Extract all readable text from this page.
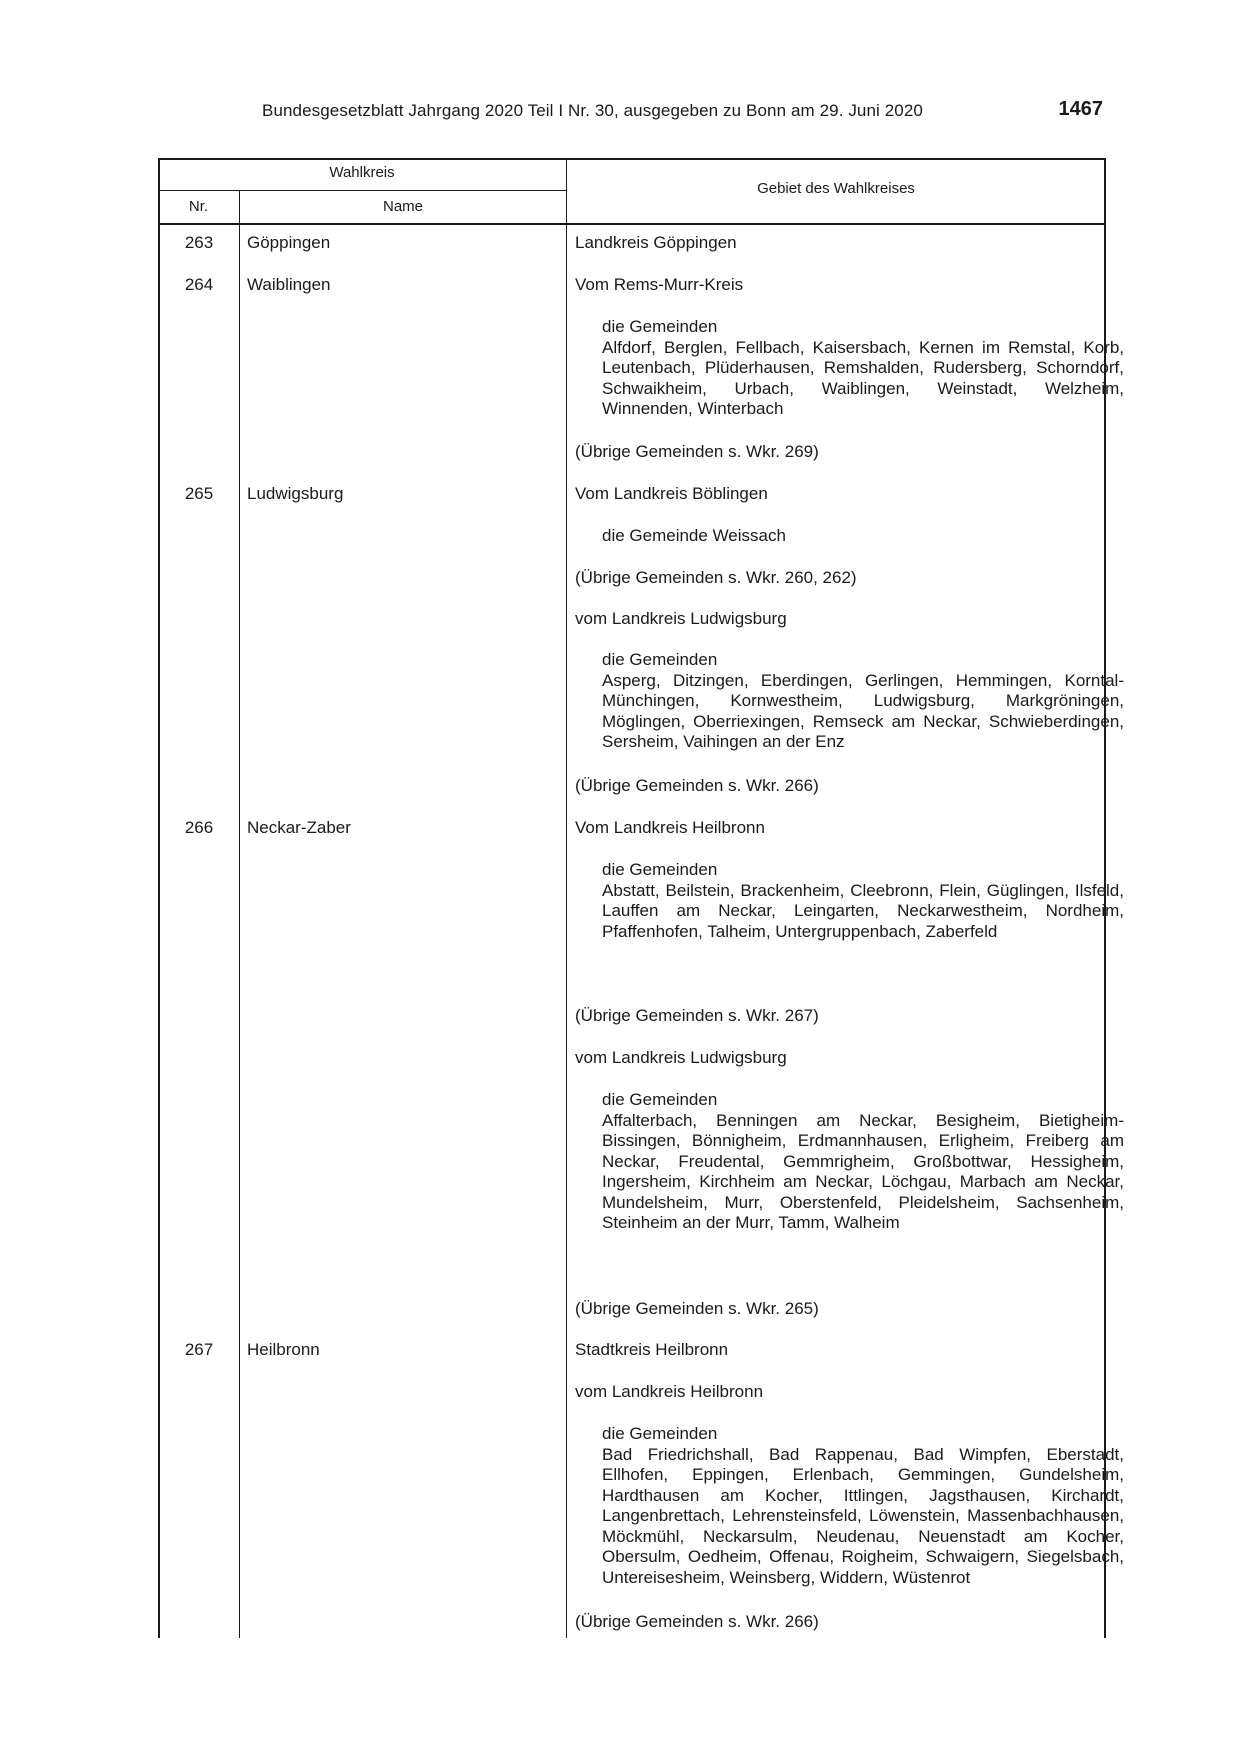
Bundesgesetzblatt Jahrgang 2020 Teil I Nr. 30, ausgegeben zu Bonn am 29. Juni 2020	1467
Wahlkreis
Nr.	Name
Gebiet des Wahlkreises
263	Göppingen	Landkreis Göppingen
264	Waiblingen	Vom Rems-Murr-Kreis
die Gemeinden
Alfdorf, Berglen, Fellbach, Kaisersbach, Kernen im Remstal, Korb, Leutenbach, Plüderhausen, Remshalden, Rudersberg, Schorndorf, Schwaikheim, Urbach, Waiblingen, Weinstadt, Welzheim, Winnenden, Winterbach
(Übrige Gemeinden s. Wkr. 269)
265	Ludwigsburg	Vom Landkreis Böblingen
die Gemeinde Weissach
(Übrige Gemeinden s. Wkr. 260, 262)
vom Landkreis Ludwigsburg
die Gemeinden
Asperg, Ditzingen, Eberdingen, Gerlingen, Hemmingen, Korntal-Münchingen, Kornwestheim, Ludwigsburg, Markgröningen, Möglingen, Oberriexingen, Remseck am Neckar, Schwieberdingen, Sersheim, Vaihingen an der Enz
(Übrige Gemeinden s. Wkr. 266)
266	Neckar-Zaber	Vom Landkreis Heilbronn
die Gemeinden
Abstatt, Beilstein, Brackenheim, Cleebronn, Flein, Güglingen, Ilsfeld, Lauffen am Neckar, Leingarten, Neckarwestheim, Nordheim, Pfaffenhofen, Talheim, Untergruppenbach, Zaberfeld
(Übrige Gemeinden s. Wkr. 267)
vom Landkreis Ludwigsburg
die Gemeinden
Affalterbach, Benningen am Neckar, Besigheim, Bietigheim-Bissingen, Bönnigheim, Erdmannhausen, Erligheim, Freiberg am Neckar, Freudental, Gemmrigheim, Großbottwar, Hessigheim, Ingersheim, Kirchheim am Neckar, Löchgau, Marbach am Neckar, Mundelsheim, Murr, Oberstenfeld, Pleidelsheim, Sachsenheim, Steinheim an der Murr, Tamm, Walheim
(Übrige Gemeinden s. Wkr. 265)
267	Heilbronn	Stadtkreis Heilbronn
vom Landkreis Heilbronn
die Gemeinden
Bad Friedrichshall, Bad Rappenau, Bad Wimpfen, Eberstadt, Ellhofen, Eppingen, Erlenbach, Gemmingen, Gundelsheim, Hardthausen am Kocher, Ittlingen, Jagsthausen, Kirchardt, Langenbrettach, Lehrensteinsfeld, Löwenstein, Massenbachhausen, Möckmühl, Neckarsulm, Neudenau, Neuenstadt am Kocher, Obersulm, Oedheim, Offenau, Roigheim, Schwaigern, Siegelsbach, Untereisesheim, Weinsberg, Widdern, Wüstenrot
(Übrige Gemeinden s. Wkr. 266)
